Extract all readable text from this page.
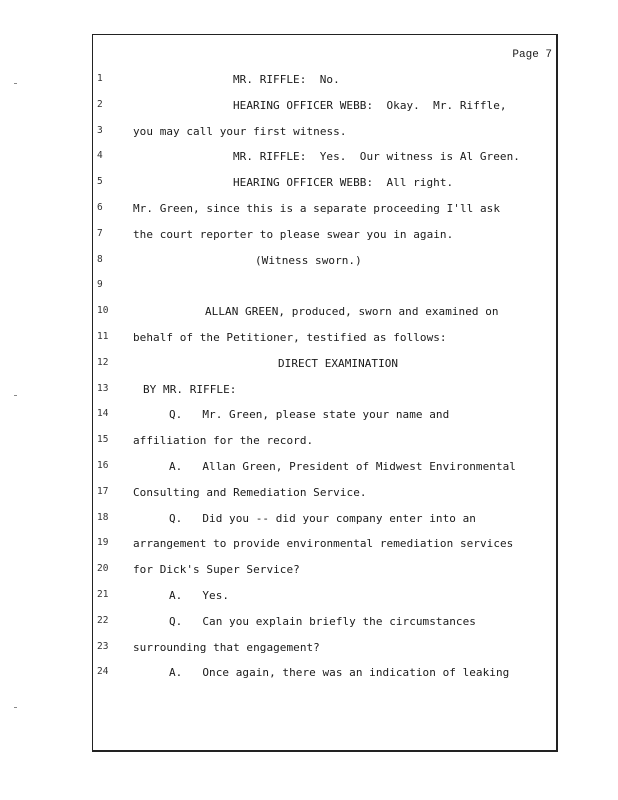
Page 7
1	MR. RIFFLE:  No.
2	HEARING OFFICER WEBB:  Okay.  Mr. Riffle,
3	you may call your first witness.
4	MR. RIFFLE:  Yes.  Our witness is Al Green.
5	HEARING OFFICER WEBB:  All right.
6	Mr. Green, since this is a separate proceeding I'll ask
7	the court reporter to please swear you in again.
8	(Witness sworn.)
9
10	ALLAN GREEN, produced, sworn and examined on
11	behalf of the Petitioner, testified as follows:
12	DIRECT EXAMINATION
13	BY MR. RIFFLE:
14	Q.   Mr. Green, please state your name and
15	affiliation for the record.
16	A.   Allan Green, President of Midwest Environmental
17	Consulting and Remediation Service.
18	Q.   Did you -- did your company enter into an
19	arrangement to provide environmental remediation services
20	for Dick's Super Service?
21	A.   Yes.
22	Q.   Can you explain briefly the circumstances
23	surrounding that engagement?
24	A.   Once again, there was an indication of leaking
